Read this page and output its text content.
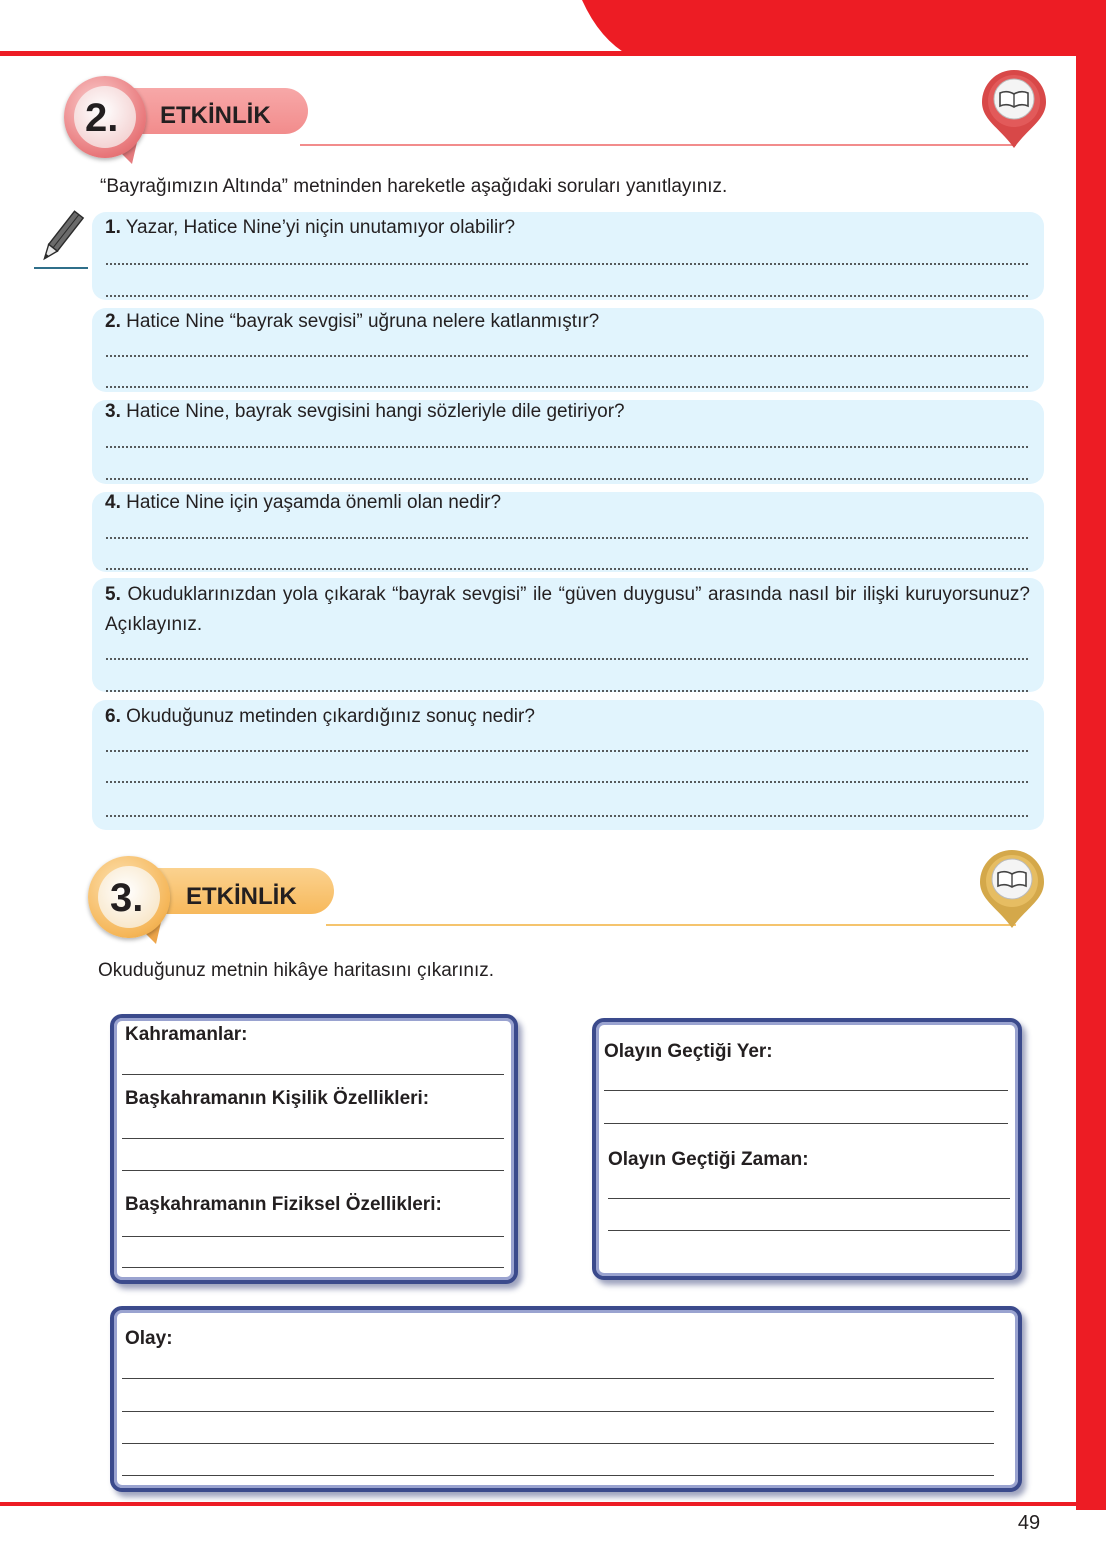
49
ETKİNLİK
2.
“Bayrağımızın Altında” metninden hareketle aşağıdaki soruları yanıtlayınız.
1. Yazar, Hatice Nine’yi niçin unutamıyor olabilir?
2. Hatice Nine “bayrak sevgisi” uğruna nelere katlanmıştır?
3. Hatice Nine, bayrak sevgisini hangi sözleriyle dile getiriyor?
4. Hatice Nine için yaşamda önemli olan nedir?
5. Okuduklarınızdan yola çıkarak “bayrak sevgisi” ile “güven duygusu” arasında nasıl bir ilişki kuruyorsunuz? Açıklayınız.
6. Okuduğunuz metinden çıkardığınız sonuç nedir?
ETKİNLİK
3.
Okuduğunuz metnin hikâye haritasını çıkarınız.
Kahramanlar:
Başkahramanın Kişilik Özellikleri:
Başkahramanın Fiziksel Özellikleri:
Olayın Geçtiği Yer:
Olayın Geçtiği Zaman:
Olay:
